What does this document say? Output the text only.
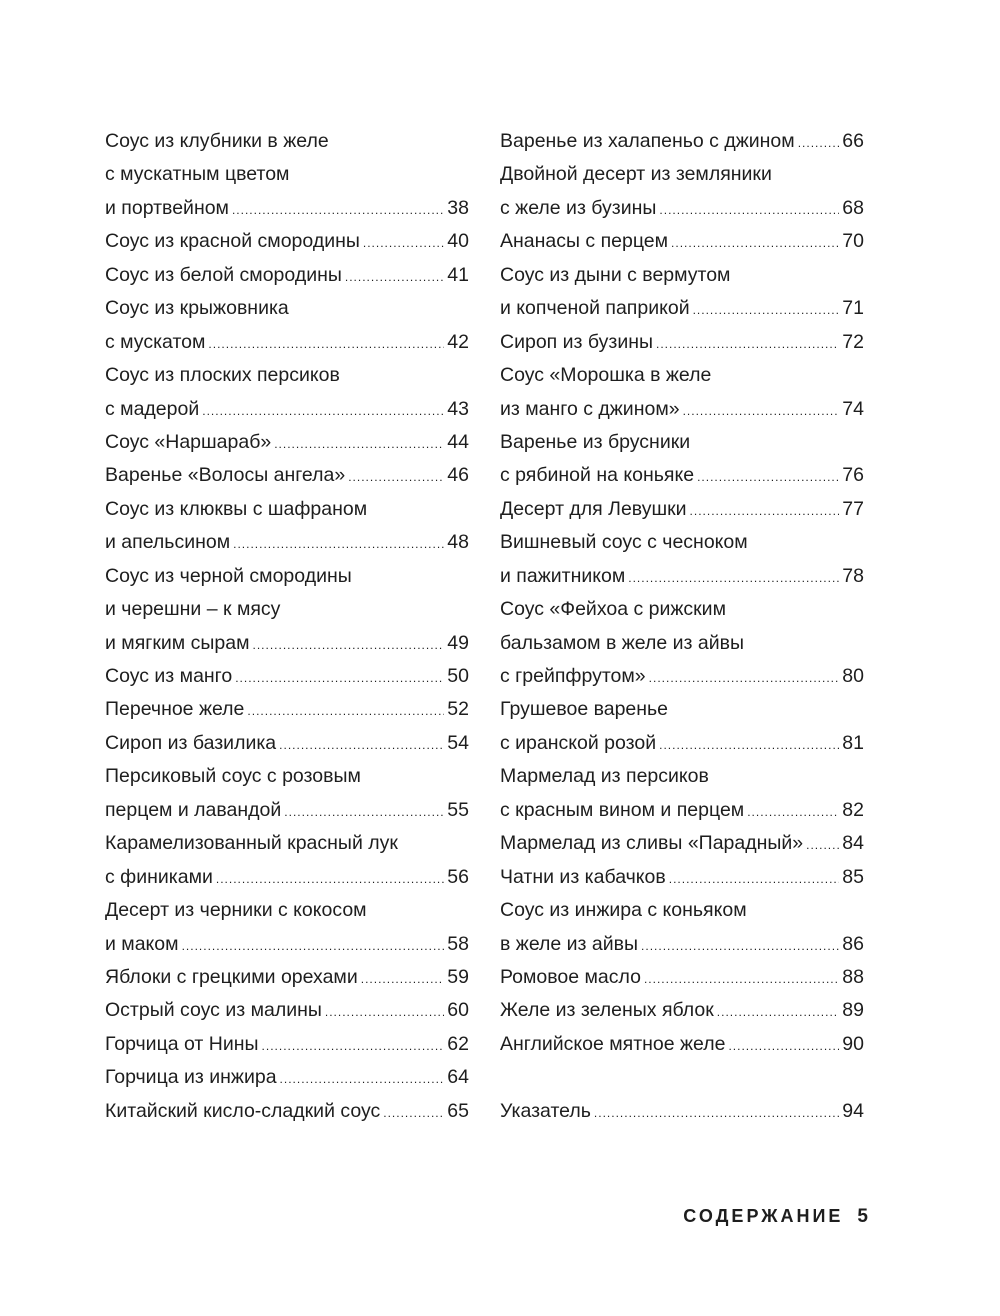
Соус из клубники в желе
с мускатным цветом
и портвейном .....	38
Соус из красной смородины .....	40
Соус из белой смородины .....	41
Соус из крыжовника
с мускатом .....	42
Соус из плоских персиков
с мадерой .....	43
Соус «Наршараб» .....	44
Варенье «Волосы ангела» .....	46
Соус из клюквы с шафраном
и апельсином .....	48
Соус из черной смородины
и черешни – к мясу
и мягким сырам .....	49
Соус из манго .....	50
Перечное желе .....	52
Сироп из базилика .....	54
Персиковый соус с розовым
перцем и лавандой .....	55
Карамелизованный красный лук
с финиками .....	56
Десерт из черники с кокосом
и маком .....	58
Яблоки с грецкими орехами .....	59
Острый соус из малины .....	60
Горчица от Нины .....	62
Горчица из инжира .....	64
Китайский кисло-сладкий соус .....	65
Варенье из халапеньо с джином ..... 66
Двойной десерт из земляники
с желе из бузины .....	68
Ананасы с перцем .....	70
Соус из дыни с вермутом
и копченой паприкой .....	71
Сироп из бузины .....	72
Соус «Морошка в желе
из манго с джином» .....	74
Варенье из брусники
с рябиной на коньяке .....	76
Десерт для Левушки .....	77
Вишневый соус с чесноком
и пажитником .....	78
Соус «Фейхоа с рижским
бальзамом в желе из айвы
с грейпфрутом» .....	80
Грушевое варенье
с иранской розой .....	81
Мармелад из персиков
с красным вином и перцем .....	82
Мармелад из сливы «Парадный» ..... 84
Чатни из кабачков .....	85
Соус из инжира с коньяком
в желе из айвы .....	86
Ромовое масло .....	88
Желе из зеленых яблок .....	89
Английское мятное желе .....	90
Указатель .....	94
СОДЕРЖАНИЕ 5
